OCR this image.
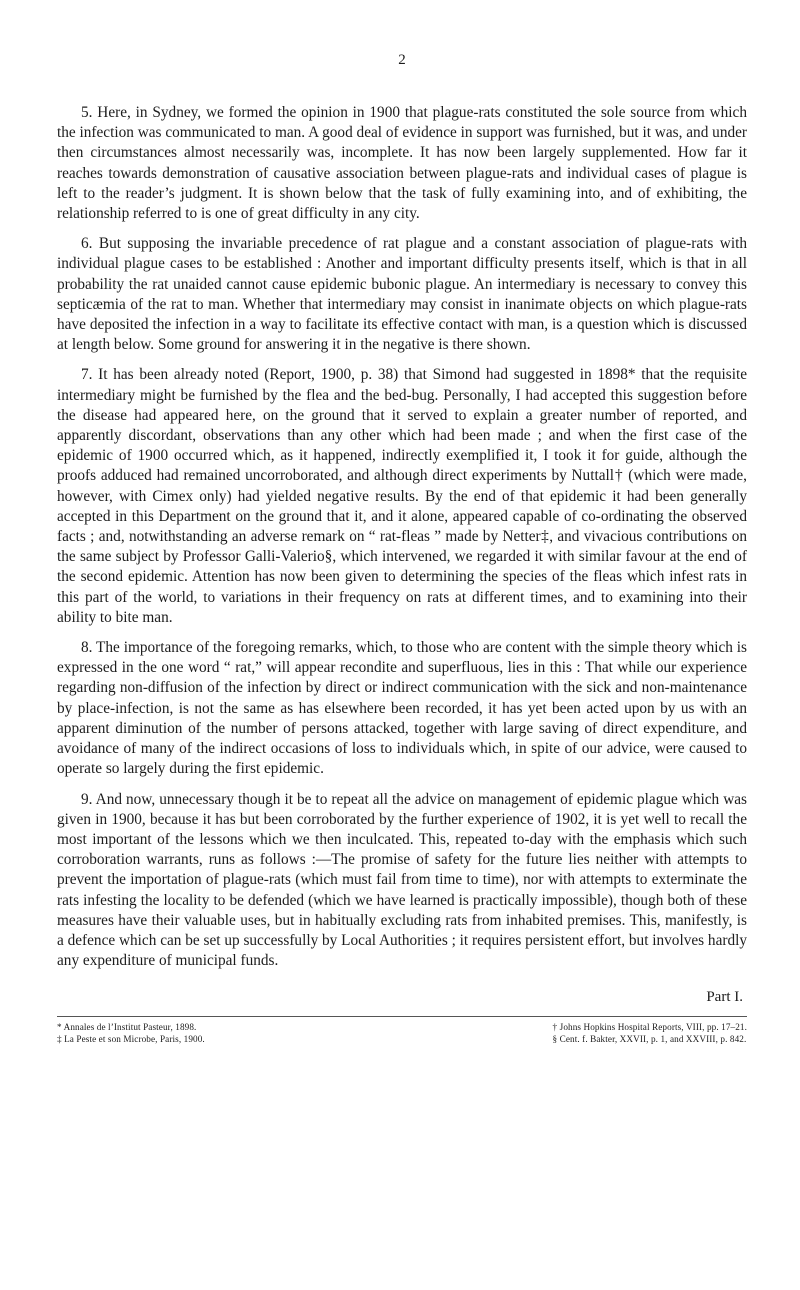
2

5. Here, in Sydney, we formed the opinion in 1900 that plague-rats constituted the sole source from which the infection was communicated to man. A good deal of evidence in support was furnished, but it was, and under then circumstances almost necessarily was, incomplete. It has now been largely supplemented. How far it reaches towards demonstration of causative association between plague-rats and individual cases of plague is left to the reader’s judgment. It is shown below that the task of fully examining into, and of exhibiting, the relationship referred to is one of great difficulty in any city.

6. But supposing the invariable precedence of rat plague and a constant association of plague-rats with individual plague cases to be established : Another and important difficulty presents itself, which is that in all probability the rat unaided cannot cause epidemic bubonic plague. An intermediary is necessary to convey this septicæmia of the rat to man. Whether that intermediary may consist in inanimate objects on which plague-rats have deposited the infection in a way to facilitate its effective contact with man, is a question which is discussed at length below. Some ground for answering it in the negative is there shown.

7. It has been already noted (Report, 1900, p. 38) that Simond had suggested in 1898* that the requisite intermediary might be furnished by the flea and the bed-bug. Personally, I had accepted this suggestion before the disease had appeared here, on the ground that it served to explain a greater number of reported, and apparently discordant, observations than any other which had been made ; and when the first case of the epidemic of 1900 occurred which, as it happened, indirectly exemplified it, I took it for guide, although the proofs adduced had remained uncorroborated, and although direct experiments by Nuttall† (which were made, however, with Cimex only) had yielded negative results. By the end of that epidemic it had been generally accepted in this Department on the ground that it, and it alone, appeared capable of co-ordinating the observed facts ; and, notwithstanding an adverse remark on “ rat-fleas ” made by Netter‡, and vivacious contributions on the same subject by Professor Galli-Valerio§, which intervened, we regarded it with similar favour at the end of the second epidemic. Attention has now been given to determining the species of the fleas which infest rats in this part of the world, to variations in their frequency on rats at different times, and to examining into their ability to bite man.

8. The importance of the foregoing remarks, which, to those who are content with the simple theory which is expressed in the one word “ rat,” will appear recondite and superfluous, lies in this : That while our experience regarding non-diffusion of the infection by direct or indirect communication with the sick and non-maintenance by place-infection, is not the same as has elsewhere been recorded, it has yet been acted upon by us with an apparent diminution of the number of persons attacked, together with large saving of direct expenditure, and avoidance of many of the indirect occasions of loss to individuals which, in spite of our advice, were caused to operate so largely during the first epidemic.

9. And now, unnecessary though it be to repeat all the advice on management of epidemic plague which was given in 1900, because it has but been corroborated by the further experience of 1902, it is yet well to recall the most important of the lessons which we then inculcated. This, repeated to-day with the emphasis which such corroboration warrants, runs as follows :—The promise of safety for the future lies neither with attempts to prevent the importation of plague-rats (which must fail from time to time), nor with attempts to exterminate the rats infesting the locality to be defended (which we have learned is practically impossible), though both of these measures have their valuable uses, but in habitually excluding rats from inhabited premises. This, manifestly, is a defence which can be set up successfully by Local Authorities ; it requires persistent effort, but involves hardly any expenditure of municipal funds.

Part I.
* Annales de l’Institut Pasteur, 1898.
‡ La Peste et son Microbe, Paris, 1900.
† Johns Hopkins Hospital Reports, VIII, pp. 17–21.
§ Cent. f. Bakter, XXVII, p. 1, and XXVIII, p. 842.
